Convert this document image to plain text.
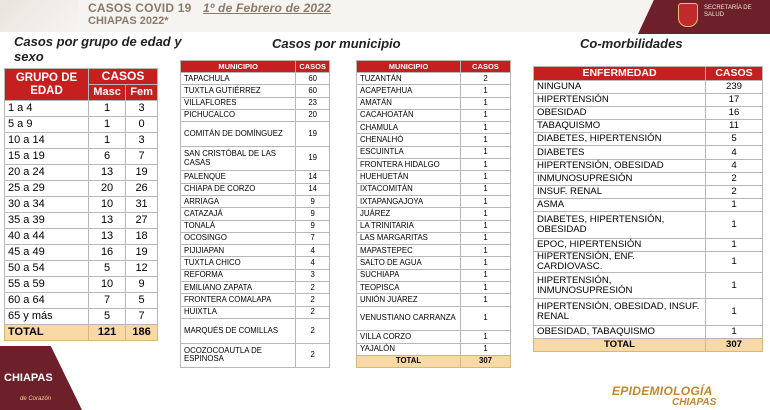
CASOS COVID 19 1º de Febrero de 2022
CHIAPAS 2022*
SECRETARÍA DE SALUD
Casos por grupo de edad y sexo
GRUPO DE EDAD	CASOS	
	Masc	Fem
1 a 4	1	3
5 a 9	1	0
10 a 14	1	3
15 a 19	6	7
20 a 24	13	19
25 a 29	20	26
30 a 34	10	31
35 a 39	13	27
40 a 44	13	18
45 a 49	16	19
50 a 54	5	12
55 a 59	10	9
60 a 64	7	5
65 y más	5	7
TOTAL	121	186
Casos por municipio
MUNICIPIO	CASOS
TAPACHULA	60
TUXTLA GUTIÉRREZ	60
VILLAFLORES	23
PICHUCALCO	20
COMITÁN DE DOMÍNGUEZ	19
SAN CRISTÓBAL DE LAS CASAS	19
PALENQUE	14
CHIAPA DE CORZO	14
ARRIAGA	9
CATAZAJÁ	9
TONALÁ	9
OCOSINGO	7
PIJIJIAPAN	4
TUXTLA CHICO	4
REFORMA	3
EMILIANO ZAPATA	2
FRONTERA COMALAPA	2
HUIXTLA	2
MARQUÉS DE COMILLAS	2
OCOZOCOAUTLA DE ESPINOSA	2
MUNICIPIO	CASOS
TUZANTÁN	2
ACAPETAHUA	1
AMATÁN	1
CACAHOATÁN	1
CHAMULA	1
CHENALHÓ	1
ESCUINTLA	1
FRONTERA HIDALGO	1
HUEHUETÁN	1
IXTACOMITÁN	1
IXTAPANGAJOYA	1
JUÁREZ	1
LA TRINITARIA	1
LAS MARGARITAS	1
MAPASTEPEC	1
SALTO DE AGUA	1
SUCHIAPA	1
TEOPISCA	1
UNIÓN JUÁREZ	1
VENUSTIANO CARRANZA	1
VILLA CORZO	1
YAJALÓN	1
TOTAL	307
Co-morbilidades
ENFERMEDAD	CASOS
NINGUNA	239
HIPERTENSIÓN	17
OBESIDAD	16
TABAQUISMO	11
DIABETES, HIPERTENSIÓN	5
DIABETES	4
HIPERTENSIÓN, OBESIDAD	4
INMUNOSUPRESIÓN	2
INSUF. RENAL	2
ASMA	1
DIABETES, HIPERTENSIÓN, OBESIDAD	1
EPOC, HIPERTENSIÓN	1
HIPERTENSIÓN, ENF. CARDIOVASC.	1
HIPERTENSIÓN, INMUNOSUPRESIÓN	1
HIPERTENSIÓN, OBESIDAD, INSUF. RENAL	1
OBESIDAD, TABAQUISMO	1
TOTAL	307
CHIAPAS
de Corazón
EPIDEMIOLOGÍA
CHIAPAS
